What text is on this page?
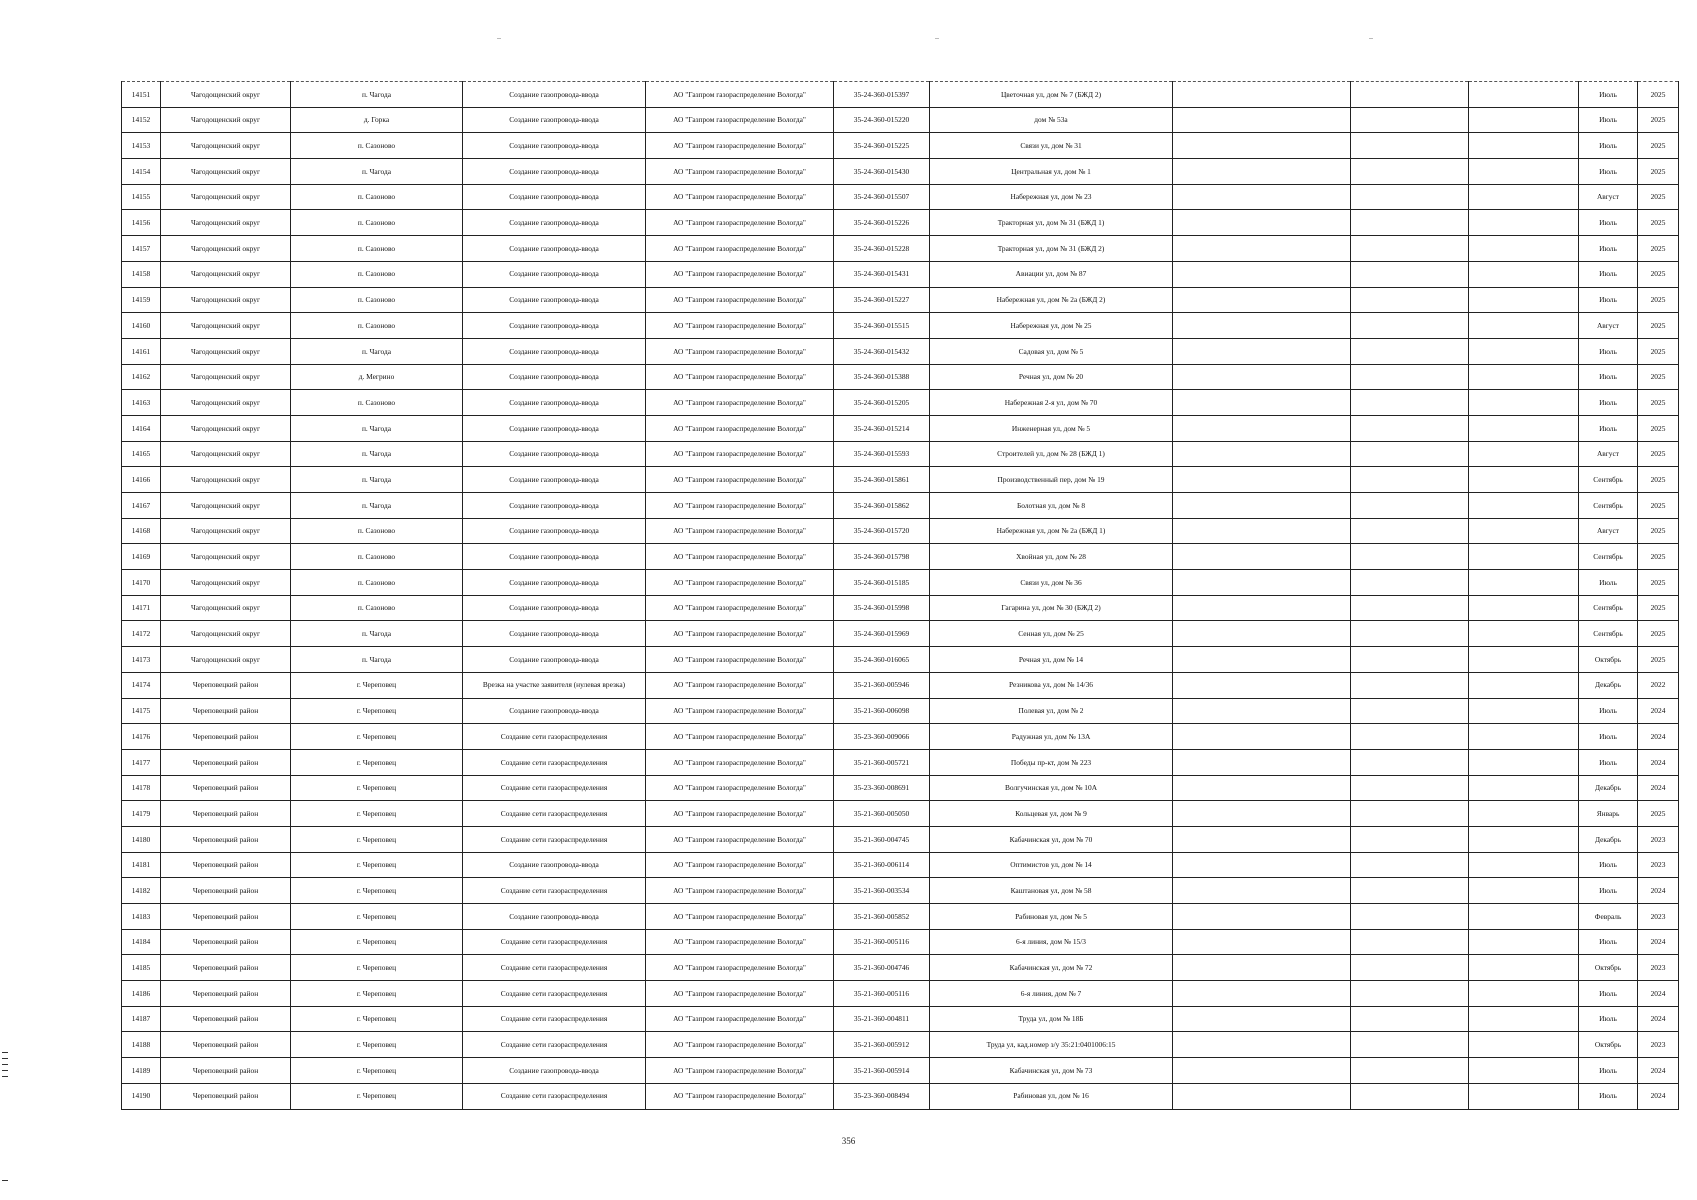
14151	Чагодощенский округ	п. Чагода	Создание газопровода-ввода	АО "Газпром газораспределение Вологда"	35-24-360-015397	Цветочная ул, дом № 7 (БЖД 2)				Июль	2025
14152	Чагодощенский округ	д. Горка	Создание газопровода-ввода	АО "Газпром газораспределение Вологда"	35-24-360-015220	дом № 53а				Июль	2025
14153	Чагодощенский округ	п. Сазоново	Создание газопровода-ввода	АО "Газпром газораспределение Вологда"	35-24-360-015225	Связи ул, дом № 31				Июль	2025
14154	Чагодощенский округ	п. Чагода	Создание газопровода-ввода	АО "Газпром газораспределение Вологда"	35-24-360-015430	Центральная ул, дом № 1				Июль	2025
14155	Чагодощенский округ	п. Сазоново	Создание газопровода-ввода	АО "Газпром газораспределение Вологда"	35-24-360-015507	Набережная ул, дом № 23				Август	2025
14156	Чагодощенский округ	п. Сазоново	Создание газопровода-ввода	АО "Газпром газораспределение Вологда"	35-24-360-015226	Тракторная ул, дом № 31 (БЖД 1)				Июль	2025
14157	Чагодощенский округ	п. Сазоново	Создание газопровода-ввода	АО "Газпром газораспределение Вологда"	35-24-360-015228	Тракторная ул, дом № 31 (БЖД 2)				Июль	2025
14158	Чагодощенский округ	п. Сазоново	Создание газопровода-ввода	АО "Газпром газораспределение Вологда"	35-24-360-015431	Авиации ул, дом № 87				Июль	2025
14159	Чагодощенский округ	п. Сазоново	Создание газопровода-ввода	АО "Газпром газораспределение Вологда"	35-24-360-015227	Набережная ул, дом № 2а (БЖД 2)				Июль	2025
14160	Чагодощенский округ	п. Сазоново	Создание газопровода-ввода	АО "Газпром газораспределение Вологда"	35-24-360-015515	Набережная ул, дом № 25				Август	2025
14161	Чагодощенский округ	п. Чагода	Создание газопровода-ввода	АО "Газпром газораспределение Вологда"	35-24-360-015432	Садовая ул, дом № 5				Июль	2025
14162	Чагодощенский округ	д. Мегрино	Создание газопровода-ввода	АО "Газпром газораспределение Вологда"	35-24-360-015388	Речная ул, дом № 20				Июль	2025
14163	Чагодощенский округ	п. Сазоново	Создание газопровода-ввода	АО "Газпром газораспределение Вологда"	35-24-360-015205	Набережная 2-я ул, дом № 70				Июль	2025
14164	Чагодощенский округ	п. Чагода	Создание газопровода-ввода	АО "Газпром газораспределение Вологда"	35-24-360-015214	Инженерная ул, дом № 5				Июль	2025
14165	Чагодощенский округ	п. Чагода	Создание газопровода-ввода	АО "Газпром газораспределение Вологда"	35-24-360-015593	Строителей ул, дом № 28 (БЖД 1)				Август	2025
14166	Чагодощенский округ	п. Чагода	Создание газопровода-ввода	АО "Газпром газораспределение Вологда"	35-24-360-015861	Производственный пер, дом № 19				Сентябрь	2025
14167	Чагодощенский округ	п. Чагода	Создание газопровода-ввода	АО "Газпром газораспределение Вологда"	35-24-360-015862	Болотная ул, дом № 8				Сентябрь	2025
14168	Чагодощенский округ	п. Сазоново	Создание газопровода-ввода	АО "Газпром газораспределение Вологда"	35-24-360-015720	Набережная ул, дом № 2а (БЖД 1)				Август	2025
14169	Чагодощенский округ	п. Сазоново	Создание газопровода-ввода	АО "Газпром газораспределение Вологда"	35-24-360-015798	Хвойная ул, дом № 28				Сентябрь	2025
14170	Чагодощенский округ	п. Сазоново	Создание газопровода-ввода	АО "Газпром газораспределение Вологда"	35-24-360-015185	Связи ул, дом № 36				Июль	2025
14171	Чагодощенский округ	п. Сазоново	Создание газопровода-ввода	АО "Газпром газораспределение Вологда"	35-24-360-015998	Гагарина ул, дом № 30 (БЖД 2)				Сентябрь	2025
14172	Чагодощенский округ	п. Чагода	Создание газопровода-ввода	АО "Газпром газораспределение Вологда"	35-24-360-015969	Сенная ул, дом № 25				Сентябрь	2025
14173	Чагодощенский округ	п. Чагода	Создание газопровода-ввода	АО "Газпром газораспределение Вологда"	35-24-360-016065	Речная ул, дом № 14				Октябрь	2025
14174	Череповецкий район	г. Череповец	Врезка на участке заявителя (нулевая врезка)	АО "Газпром газораспределение Вологда"	35-21-360-005946	Резникова ул, дом № 14/36				Декабрь	2022
14175	Череповецкий район	г. Череповец	Создание газопровода-ввода	АО "Газпром газораспределение Вологда"	35-21-360-006098	Полевая ул, дом № 2				Июль	2024
14176	Череповецкий район	г. Череповец	Создание сети газораспределения	АО "Газпром газораспределение Вологда"	35-23-360-009066	Радужная ул, дом № 13А				Июль	2024
14177	Череповецкий район	г. Череповец	Создание сети газораспределения	АО "Газпром газораспределение Вологда"	35-21-360-005721	Победы пр-кт, дом № 223				Июль	2024
14178	Череповецкий район	г. Череповец	Создание сети газораспределения	АО "Газпром газораспределение Вологда"	35-23-360-008691	Волгучинская ул, дом № 10А				Декабрь	2024
14179	Череповецкий район	г. Череповец	Создание сети газораспределения	АО "Газпром газораспределение Вологда"	35-21-360-005050	Кольцевая ул, дом № 9				Январь	2025
14180	Череповецкий район	г. Череповец	Создание сети газораспределения	АО "Газпром газораспределение Вологда"	35-21-360-004745	Кабачинская ул, дом № 70				Декабрь	2023
14181	Череповецкий район	г. Череповец	Создание газопровода-ввода	АО "Газпром газораспределение Вологда"	35-21-360-006114	Оптимистов ул, дом № 14				Июль	2023
14182	Череповецкий район	г. Череповец	Создание сети газораспределения	АО "Газпром газораспределение Вологда"	35-21-360-003534	Каштановая ул, дом № 58				Июль	2024
14183	Череповецкий район	г. Череповец	Создание газопровода-ввода	АО "Газпром газораспределение Вологда"	35-21-360-005852	Рабиновая ул, дом № 5				Февраль	2023
14184	Череповецкий район	г. Череповец	Создание сети газораспределения	АО "Газпром газораспределение Вологда"	35-21-360-005116	6-я линия, дом № 15/3				Июль	2024
14185	Череповецкий район	г. Череповец	Создание сети газораспределения	АО "Газпром газораспределение Вологда"	35-21-360-004746	Кабачинская ул, дом № 72				Октябрь	2023
14186	Череповецкий район	г. Череповец	Создание сети газораспределения	АО "Газпром газораспределение Вологда"	35-21-360-005116	6-я линия, дом № 7				Июль	2024
14187	Череповецкий район	г. Череповец	Создание сети газораспределения	АО "Газпром газораспределение Вологда"	35-21-360-004811	Труда ул, дом № 18Б				Июль	2024
14188	Череповецкий район	г. Череповец	Создание сети газораспределения	АО "Газпром газораспределение Вологда"	35-21-360-005912	Труда ул, кад.номер з/у 35:21:0401006:15				Октябрь	2023
14189	Череповецкий район	г. Череповец	Создание газопровода-ввода	АО "Газпром газораспределение Вологда"	35-21-360-005914	Кабачинская ул, дом № 73				Июль	2024
14190	Череповецкий район	г. Череповец	Создание сети газораспределения	АО "Газпром газораспределение Вологда"	35-23-360-008494	Рабиновая ул, дом № 16				Июль	2024
356
